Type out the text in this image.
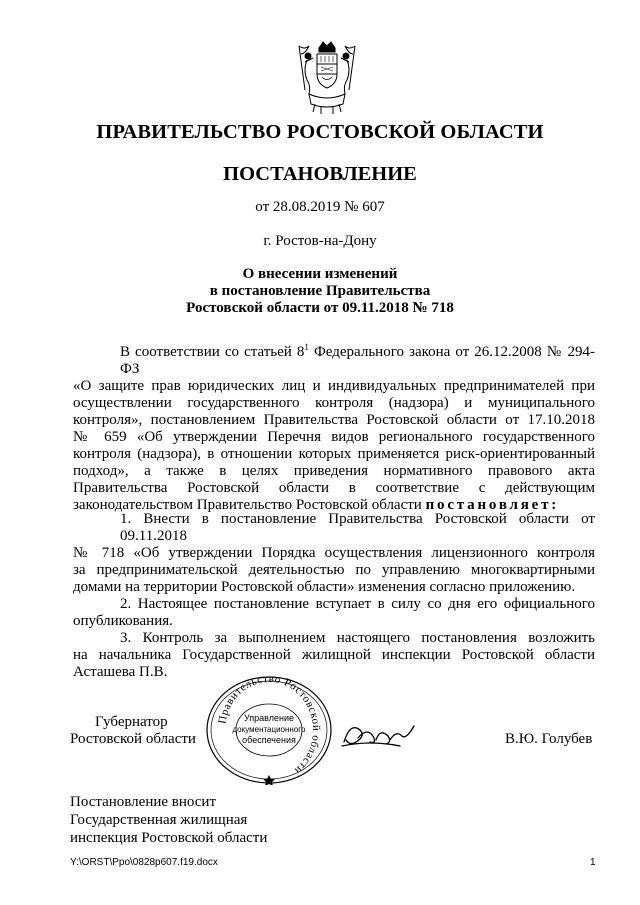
ПРАВИТЕЛЬСТВО РОСТОВСКОЙ ОБЛАСТИ
ПОСТАНОВЛЕНИЕ
от 28.08.2019 № 607
г. Ростов-на-Дону
О внесении изменений
в постановление Правительства
Ростовской области от 09.11.2018 № 718
В соответствии со статьей $8^1$ Федерального закона от 26.12.2008 № 294-ФЗ
«О защите прав юридических лиц и индивидуальных предпринимателей при
осуществлении государственного контроля (надзора) и муниципального
контроля», постановлением Правительства Ростовской области от 17.10.2018
№ 659 «Об утверждении Перечня видов регионального государственного
контроля (надзора), в отношении которых применяется риск-ориентированный
подход», а также в целях приведения нормативного правового акта
Правительства Ростовской области в соответствие с действующим
законодательством Правительство Ростовской области постановляет:
1. Внести в постановление Правительства Ростовской области от 09.11.2018
№ 718 «Об утверждении Порядка осуществления лицензионного контроля
за предпринимательской деятельностью по управлению многоквартирными
домами на территории Ростовской области» изменения согласно приложению.
2. Настоящее постановление вступает в силу со дня его официального
опубликования.
3. Контроль за выполнением настоящего постановления возложить
на начальника Государственной жилищной инспекции Ростовской области
Асташева П.В.
Губернатор
Ростовской области	В.Ю. Голубев
Правительство Ростовской области
Управление
документационного
обеспечения
Постановление вносит
Государственная жилищная
инспекция Ростовской области
Y:\ORST\Ppo\0828p607.f19.docx	1
